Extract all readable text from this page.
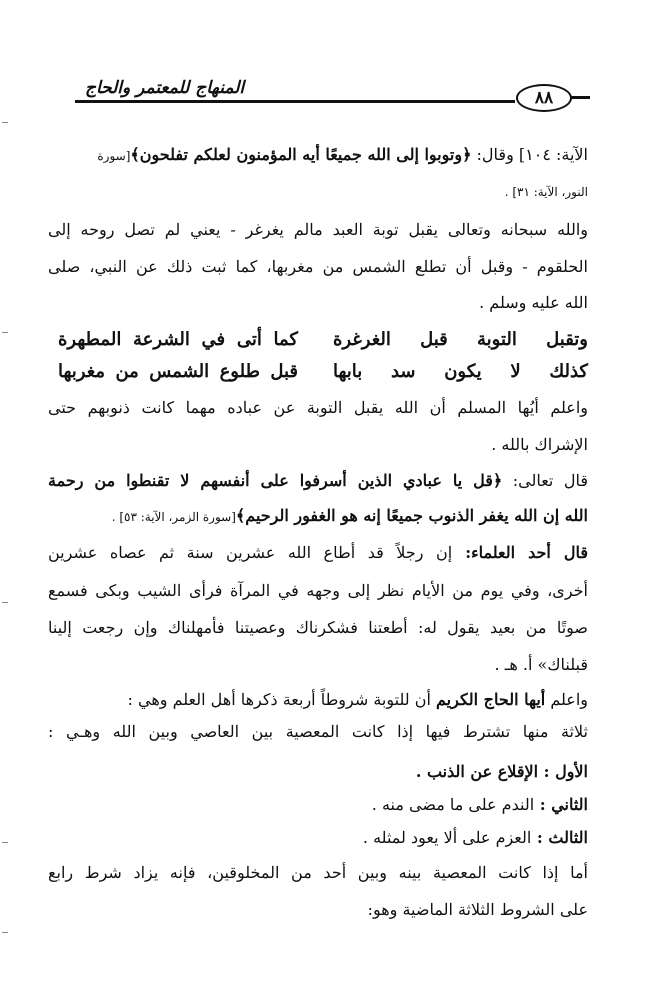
المنهاج للمعتمر والحاج	٨٨
الآية: ١٠٤] وقال: ﴿وتوبوا إلى الله جميعًا أيه المؤمنون لعلكم تفلحون﴾[سورة
النور، الآية: ٣١] .
والله سبحانه وتعالى يقبل توبة العبد مالم يغرغر - يعني لم تصل روحه إلى
الحلقوم - وقبل أن تطلع الشمس من مغربها، كما ثبت ذلك عن النبي، صلى
الله عليه وسلم .
وتقبل التوبة قبل الغرغرة
كما أتى في الشرعة المطهرة
كذلك لا يكون سد بابها
قبل طلوع الشمس من مغربها
واعلم أيُها المسلم أن الله يقبل التوبة عن عباده مهما كانت ذنوبهم حتى
الإشراك بالله .
قال تعالى: ﴿قل يا عبادي الذين أسرفوا على أنفسهم لا تقنطوا من رحمة
الله إن الله يغفر الذنوب جميعًا إنه هو الغفور الرحيم﴾[سورة الزمر، الآية: ٥٣] .
قال أحد العلماء: إن رجلاً قد أطاع الله عشرين سنة ثم عصاه عشرين
أخرى، وفي يوم من الأيام نظر إلى وجهه في المرآة فرأى الشيب وبكى فسمع
صوتًا من بعيد يقول له: أطعتنا فشكرناك وعصيتنا فأمهلناك وإن رجعت إلينا
قبلناك» أ. هـ .
واعلم أيها الحاج الكريم أن للتوبة شروطاً أربعة ذكرها أهل العلم وهي :
ثلاثة منها تشترط فيها إذا كانت المعصية بين العاصي وبين الله وهـي :
الأول : الإقلاع عن الذنب .
الثاني : الندم على ما مضى منه .
الثالث : العزم على ألا يعود لمثله .
أما إذا كانت المعصية بينه وبين أحد من المخلوقين، فإنه يزاد شرط رابع
على الشروط الثلاثة الماضية وهو:
